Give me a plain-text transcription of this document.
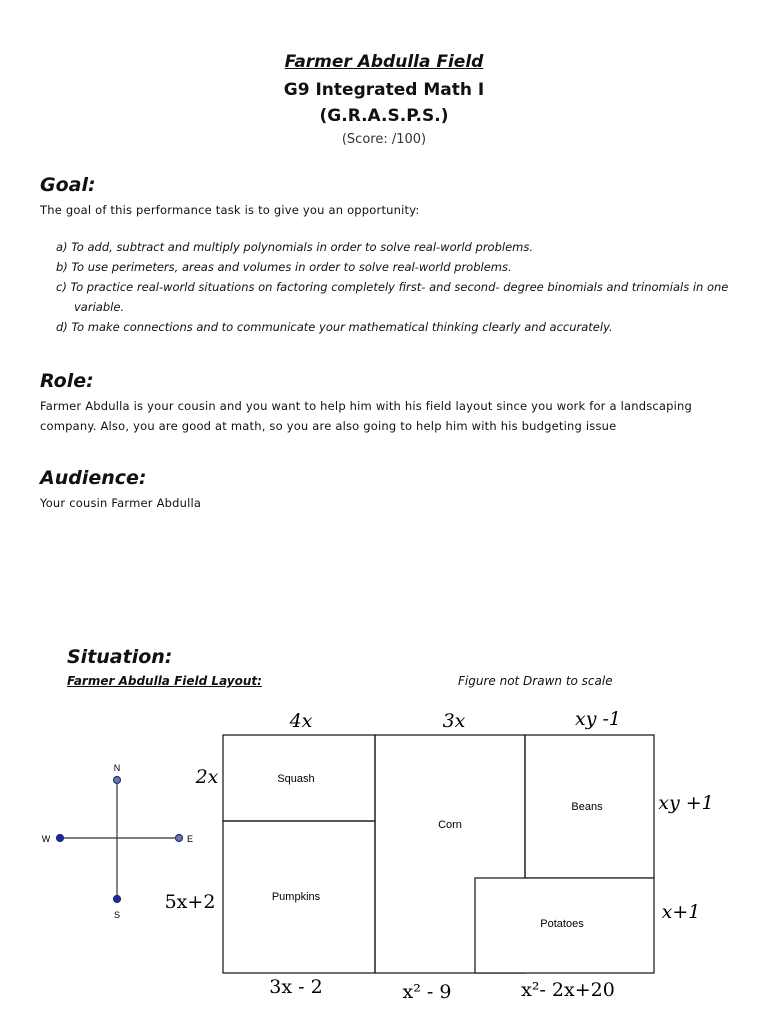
Farmer Abdulla Field
G9 Integrated Math I
(G.R.A.S.P.S.)
(Score: /100)
Goal:
The goal of this performance task is to give you an opportunity:
a) To add, subtract and multiply polynomials in order to solve real-world problems.
b) To use perimeters, areas and volumes in order to solve real-world problems.
c) To practice real-world situations on factoring completely first- and second- degree binomials and trinomials in one variable.
d) To make connections and to communicate your mathematical thinking clearly and accurately.
Role:
Farmer Abdulla is your cousin and you want to help him with his field layout since you work for a landscaping company. Also, you are good at math, so you are also going to help him with his budgeting issue
Audience:
Your cousin Farmer Abdulla
Situation:
Farmer Abdulla Field Layout:	Figure not Drawn to scale
N
S
W	E
Squash
Pumpkins
Corn
Beans
Potatoes
4x	3x	xy -1
2x
5x+2
xy +1
x+1
3x - 2	x² - 9	x²- 2x+20
